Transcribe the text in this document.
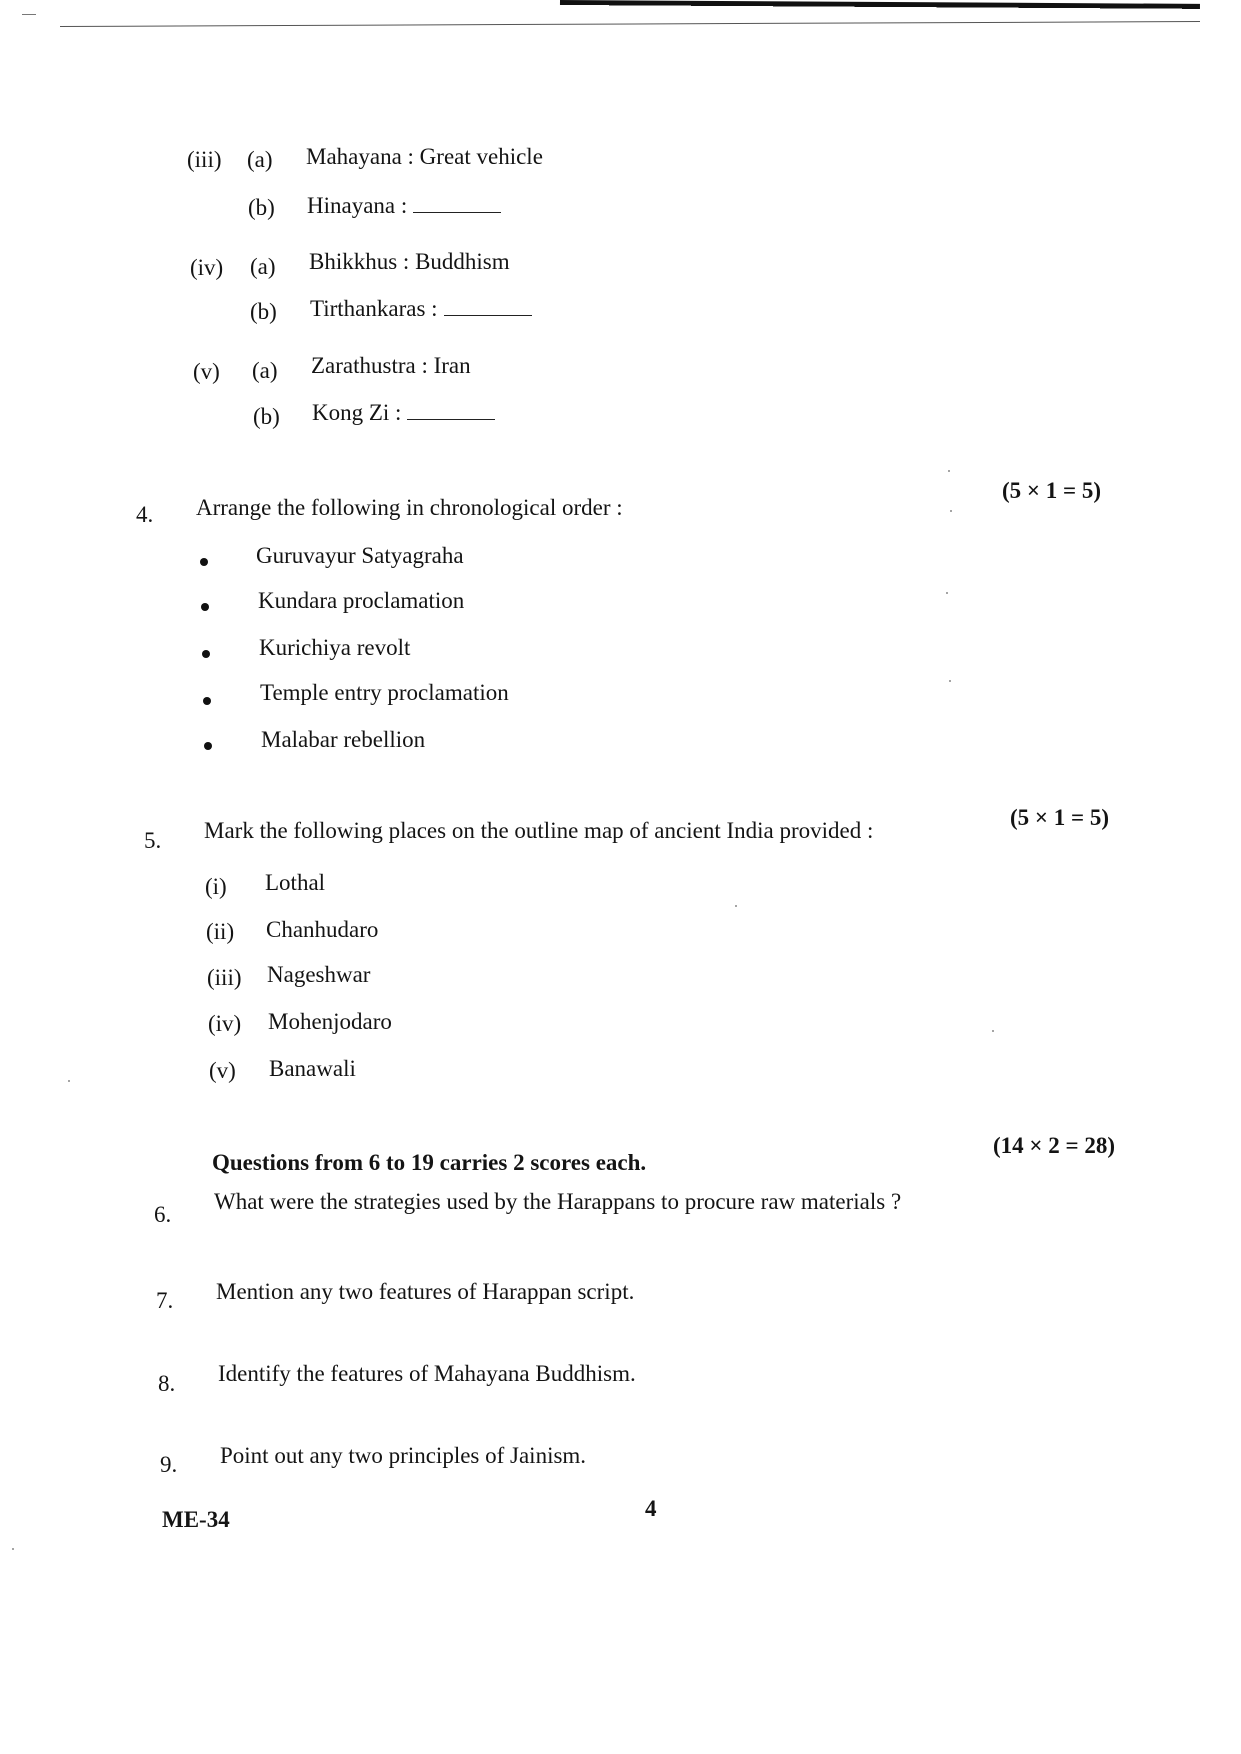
(iii) (a) Mahayana : Great vehicle
(b) Hinayana :
(iv) (a) Bhikkhus : Buddhism
(b) Tirthankaras :
(v) (a) Zarathustra : Iran
(b) Kong Zi :
4. Arrange the following in chronological order :
(5 × 1 = 5)
Guruvayur Satyagraha
Kundara proclamation
Kurichiya revolt
Temple entry proclamation
Malabar rebellion
5. Mark the following places on the outline map of ancient India provided :
(5 × 1 = 5)
(i) Lothal
(ii) Chanhudaro
(iii) Nageshwar
(iv) Mohenjodaro
(v) Banawali
Questions from 6 to 19 carries 2 scores each.
(14 × 2 = 28)
6.
What were the strategies used by the Harappans to procure raw materials ?
7. Mention any two features of Harappan script.
8. Identify the features of Mahayana Buddhism.
9. Point out any two principles of Jainism.
ME-34	4
